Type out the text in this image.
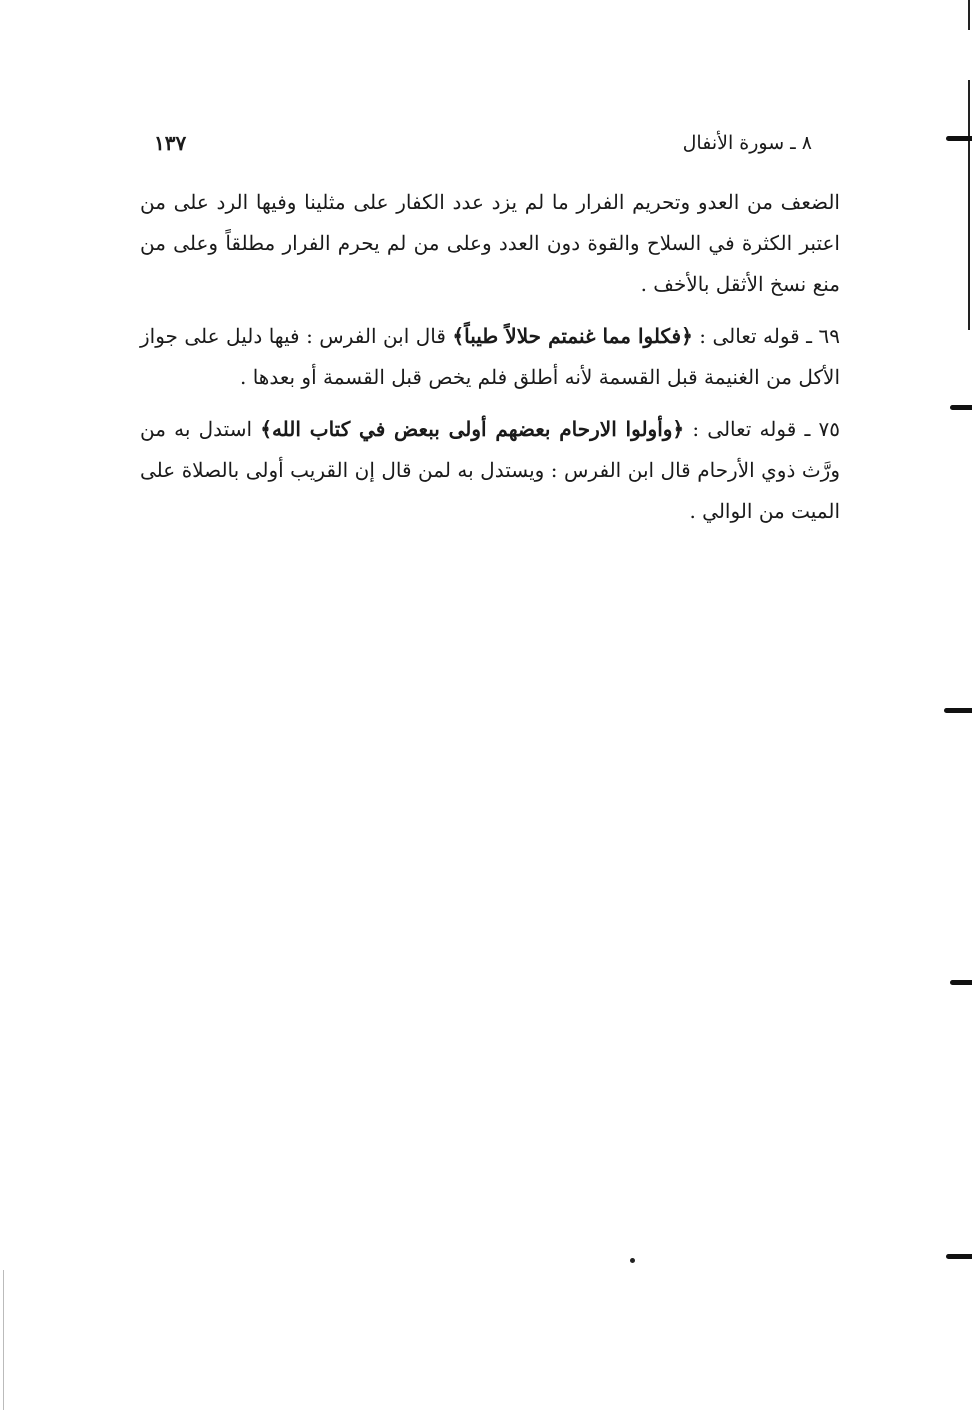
٨ ـ سورة الأنفال
١٣٧

الضعف من العدو وتحريم الفرار ما لم يزد عدد الكفار على مثلينا وفيها الرد على من اعتبر الكثرة في السلاح والقوة دون العدد وعلى من لم يحرم الفرار مطلقاً وعلى من منع نسخ الأثقل بالأخف .

٦٩ ـ قوله تعالى : ﴿فكلوا مما غنمتم حلالاً طيباً﴾ قال ابن الفرس : فيها دليل على جواز الأكل من الغنيمة قبل القسمة لأنه أطلق فلم يخص قبل القسمة أو بعدها .

٧٥ ـ قوله تعالى : ﴿وأولوا الارحام بعضهم أولى ببعض في كتاب الله﴾ استدل به من ورَّث ذوي الأرحام قال ابن الفرس : ويستدل به لمن قال إن القريب أولى بالصلاة على الميت من الوالي .
